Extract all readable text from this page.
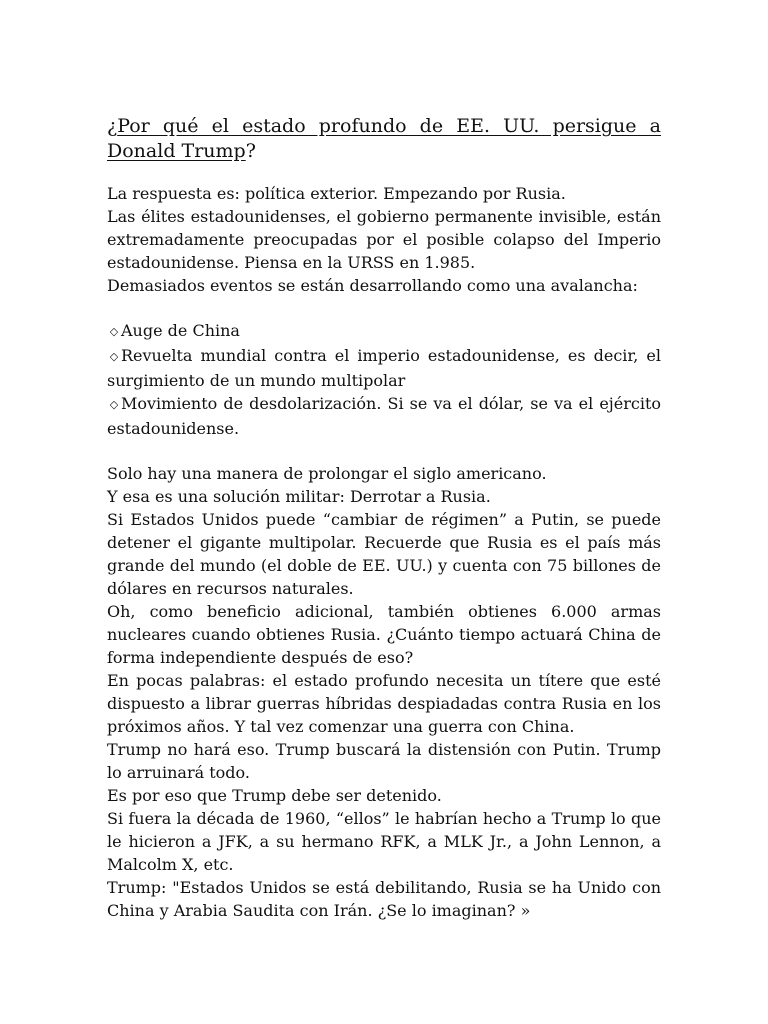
¿Por qué el estado profundo de EE. UU. persigue a Donald Trump?

La respuesta es: política exterior. Empezando por Rusia.

Las élites estadounidenses, el gobierno permanente invisible, están extremadamente preocupadas por el posible colapso del Imperio estadounidense. Piensa en la URSS en 1.985.

Demasiados eventos se están desarrollando como una avalancha:

◇ Auge de China

◇ Revuelta mundial contra el imperio estadounidense, es decir, el surgimiento de un mundo multipolar

◇ Movimiento de desdolarización. Si se va el dólar, se va el ejército estadounidense.

Solo hay una manera de prolongar el siglo americano.

Y esa es una solución militar: Derrotar a Rusia.

Si Estados Unidos puede “cambiar de régimen” a Putin, se puede detener el gigante multipolar. Recuerde que Rusia es el país más grande del mundo (el doble de EE. UU.) y cuenta con 75 billones de dólares en recursos naturales.

Oh, como beneficio adicional, también obtienes 6.000 armas nucleares cuando obtienes Rusia. ¿Cuánto tiempo actuará China de forma independiente después de eso?

En pocas palabras: el estado profundo necesita un títere que esté dispuesto a librar guerras híbridas despiadadas contra Rusia en los próximos años. Y tal vez comenzar una guerra con China.

Trump no hará eso. Trump buscará la distensión con Putin. Trump lo arruinará todo.

Es por eso que Trump debe ser detenido.

Si fuera la década de 1960, “ellos” le habrían hecho a Trump lo que le hicieron a JFK, a su hermano RFK, a MLK Jr., a John Lennon, a Malcolm X, etc.

Trump: "Estados Unidos se está debilitando, Rusia se ha Unido con China y Arabia Saudita con Irán. ¿Se lo imaginan? »
